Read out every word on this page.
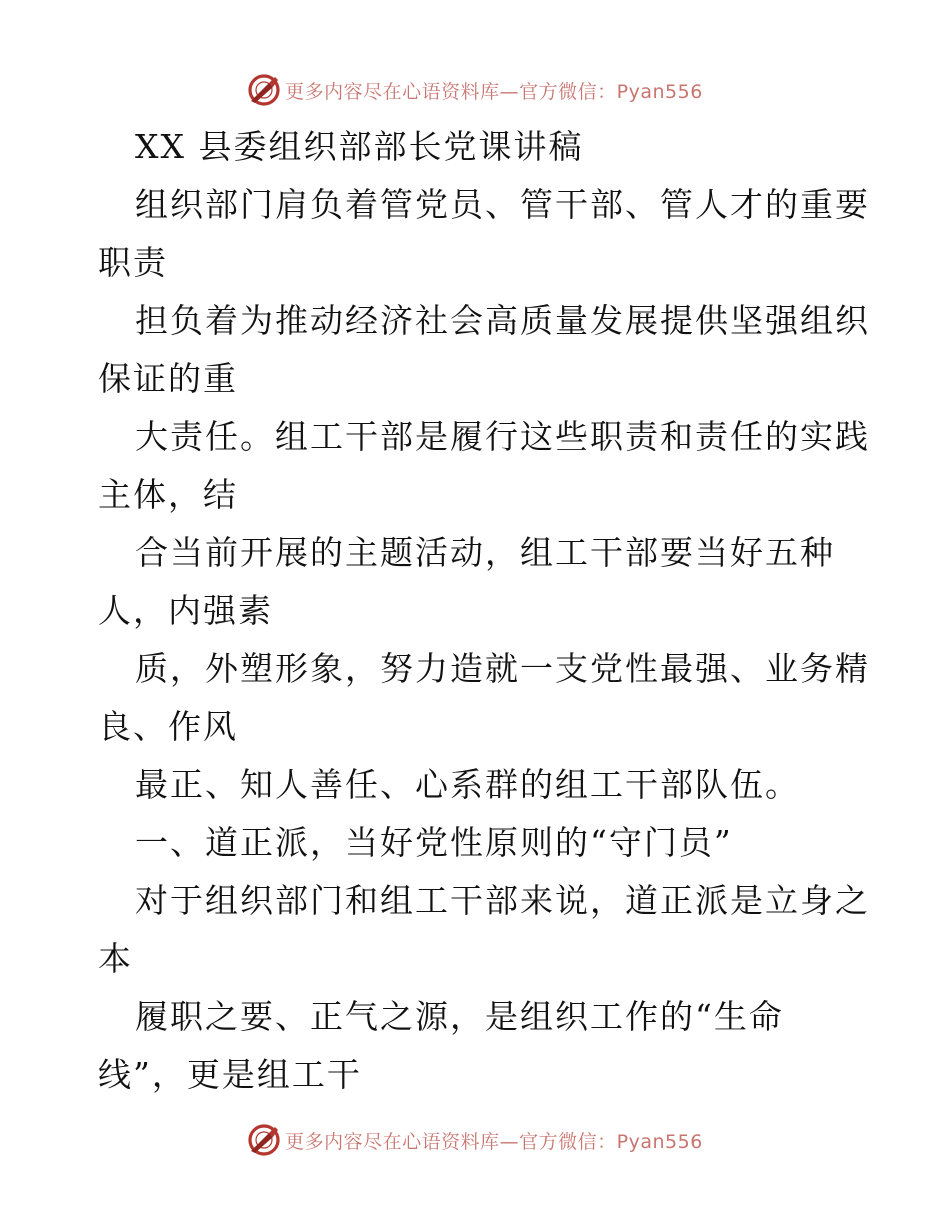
更多内容尽在心语资料库—官方微信：Pyan556
XX 县委组织部部长党课讲稿
组织部门肩负着管党员、管干部、管人才的重要
职责
担负着为推动经济社会高质量发展提供坚强组织
保证的重
大责任。组工干部是履行这些职责和责任的实践
主体，结
合当前开展的主题活动，组工干部要当好五种
人，内强素
质，外塑形象，努力造就一支党性最强、业务精
良、作风
最正、知人善任、心系群的组工干部队伍。
一、道正派，当好党性原则的“守门员”
对于组织部门和组工干部来说，道正派是立身之
本
履职之要、正气之源，是组织工作的“生命
线”，更是组工干
更多内容尽在心语资料库—官方微信：Pyan556
